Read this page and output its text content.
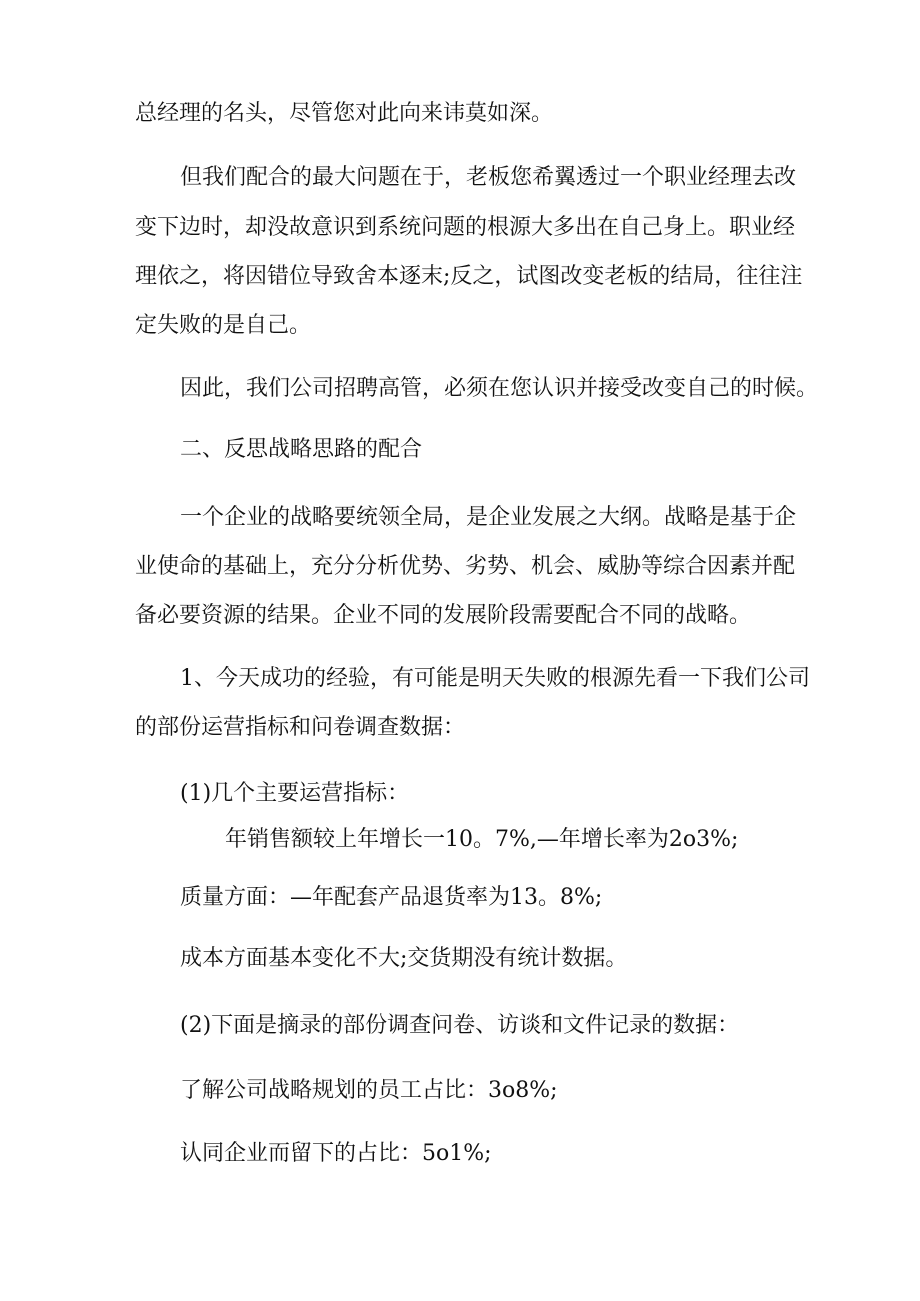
总经理的名头，尽管您对此向来讳莫如深。
但我们配合的最大问题在于，老板您希翼透过一个职业经理去改
变下边时，却没故意识到系统问题的根源大多出在自己身上。职业经
理依之，将因错位导致舍本逐末;反之，试图改变老板的结局，往往注
定失败的是自己。
因此，我们公司招聘高管，必须在您认识并接受改变自己的时候。
二、反思战略思路的配合
一个企业的战略要统领全局，是企业发展之大纲。战略是基于企
业使命的基础上，充分分析优势、劣势、机会、威胁等综合因素并配
备必要资源的结果。企业不同的发展阶段需要配合不同的战略。
1、今天成功的经验，有可能是明天失败的根源先看一下我们公司
的部份运营指标和问卷调查数据：
(1)几个主要运营指标：
年销售额较上年增长一10。7%,—年增长率为2o3%;
质量方面：—年配套产品退货率为13。8%;
成本方面基本变化不大;交货期没有统计数据。
(2)下面是摘录的部份调查问卷、访谈和文件记录的数据：
了解公司战略规划的员工占比：3o8%;
认同企业而留下的占比：5o1%;
